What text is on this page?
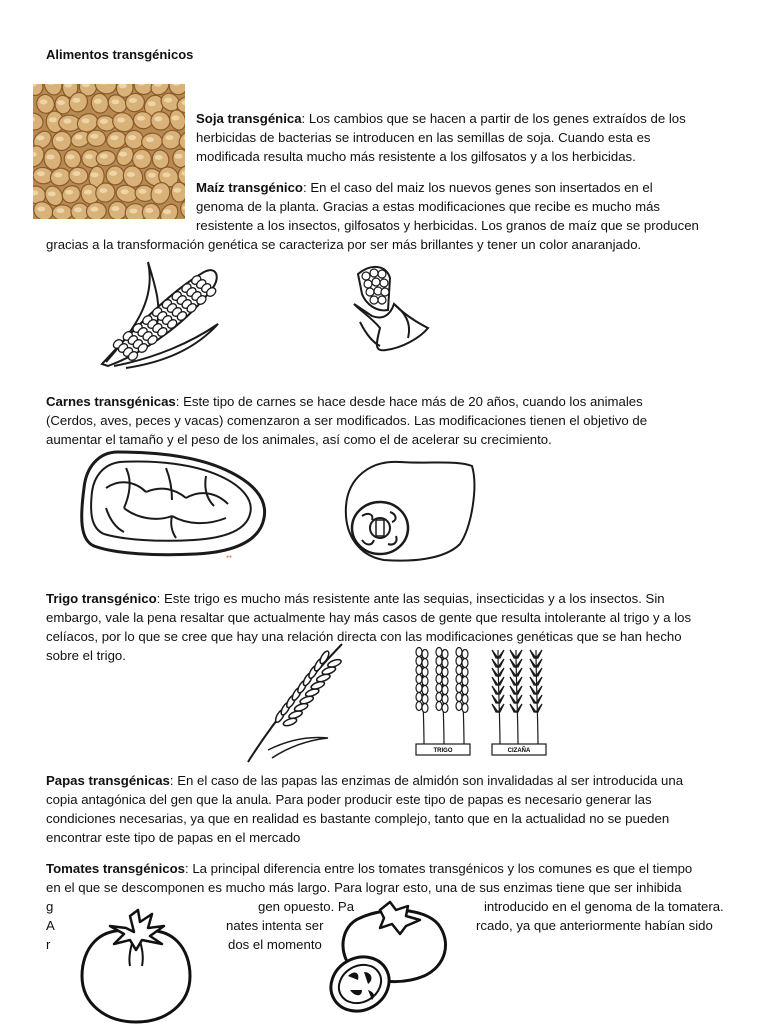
Alimentos transgénicos
Soja transgénica: Los cambios que se hacen a partir de los genes extraídos de los
herbicidas de bacterias se introducen en las semillas de soja. Cuando esta es
modificada resulta mucho más resistente a los gilfosatos y a los herbicidas.
Maíz transgénico: En el caso del maiz los nuevos genes son insertados en el
genoma de la planta. Gracias a estas modificaciones que recibe es mucho más
resistente a los insectos, gilfosatos y herbicidas. Los granos de maíz que se producen
gracias a la transformación genética se caracteriza por ser más brillantes y tener un color anaranjado.
Carnes transgénicas: Este tipo de carnes se hace desde hace más de 20 años, cuando los animales
(Cerdos, aves, peces y vacas) comenzaron a ser modificados. Las modificaciones tienen el objetivo de
aumentar el tamaño y el peso de los animales, así como el de acelerar su crecimiento.
●●
Trigo transgénico: Este trigo es mucho más resistente ante las sequias, insecticidas y a los insectos. Sin
embargo, vale la pena resaltar que actualmente hay más casos de gente que resulta intolerante al trigo y a los
celíacos, por lo que se cree que hay una relación directa con las modificaciones genéticas que se han hecho
sobre el trigo.
TRIGO	CIZAÑA
Papas transgénicas: En el caso de las papas las enzimas de almidón son invalidadas al ser introducida una
copia antagónica del gen que la anula. Para poder producir este tipo de papas es necesario generar las
condiciones necesarias, ya que en realidad es bastante complejo, tanto que en la actualidad no se pueden
encontrar este tipo de papas en el mercado
Tomates transgénicos: La principal diferencia entre los tomates transgénicos y los comunes es que el tiempo
en el que se descomponen es mucho más largo. Para lograr esto, una de sus enzimas tiene que ser inhibida
g	gen opuesto. Pa	introducido en el genoma de la tomatera.
A	nates intenta ser	rcado, ya que anteriormente habían sido
r	dos el momento
